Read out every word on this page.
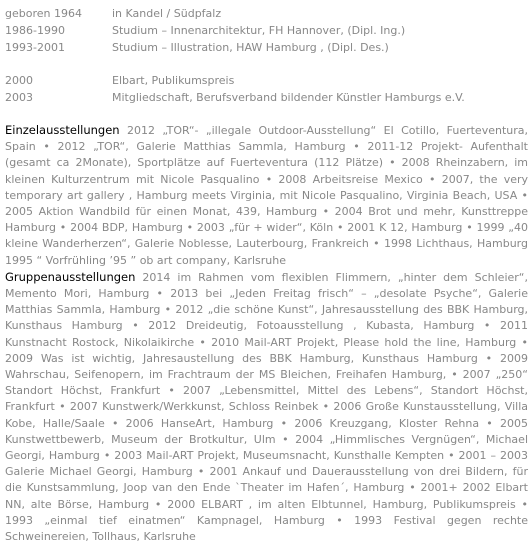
geboren 1964	in Kandel / Südpfalz
1986-1990	Studium – Innenarchitektur, FH Hannover, (Dipl. Ing.)
1993-2001	Studium – Illustration, HAW Hamburg , (Dipl. Des.)
2000	Elbart, Publikumspreis
2003	Mitgliedschaft, Berufsverband bildender Künstler Hamburgs e.V.

Einzelausstellungen 2012 „TOR“- „illegale Outdoor-Ausstellung“ El Cotillo, Fuerteventura, Spain • 2012 „TOR“, Galerie Matthias Sammla, Hamburg • 2011-12 Projekt- Aufenthalt (gesamt ca 2Monate), Sportplätze auf Fuerteventura (112 Plätze) • 2008 Rheinzabern, im kleinen Kulturzentrum mit Nicole Pasqualino • 2008 Arbeitsreise Mexico • 2007, the very temporary art gallery , Hamburg meets Virginia, mit Nicole Pasqualino, Virginia Beach, USA • 2005 Aktion Wandbild für einen Monat, 439, Hamburg • 2004 Brot und mehr, Kunsttreppe Hamburg • 2004 BDP, Hamburg • 2003 „für + wider“, Köln • 2001 K 12, Hamburg • 1999 „40 kleine Wanderherzen“, Galerie Noblesse, Lauterbourg, Frankreich • 1998 Lichthaus, Hamburg 1995 “ Vorfrühling ’95 ” ob art company, Karlsruhe

Gruppenausstellungen 2014 im Rahmen vom flexiblen Flimmern, „hinter dem Schleier“, Memento Mori, Hamburg • 2013 bei „Jeden Freitag frisch“ – „desolate Psyche“, Galerie Matthias Sammla, Hamburg • 2012 „die schöne Kunst“, Jahresausstellung des BBK Hamburg, Kunsthaus Hamburg • 2012 Dreideutig, Fotoausstellung , Kubasta, Hamburg • 2011 Kunstnacht Rostock, Nikolaikirche • 2010 Mail-ART Projekt, Please hold the line, Hamburg • 2009 Was ist wichtig, Jahresaustellung des BBK Hamburg, Kunsthaus Hamburg • 2009 Wahrschau, Seifenopern, im Frachtraum der MS Bleichen, Freihafen Hamburg, • 2007 „250“ Standort Höchst, Frankfurt • 2007 „Lebensmittel, Mittel des Lebens“, Standort Höchst, Frankfurt • 2007 Kunstwerk/Werkkunst, Schloss Reinbek • 2006 Große Kunstausstellung, Villa Kobe, Halle/Saale • 2006 HanseArt, Hamburg • 2006 Kreuzgang, Kloster Rehna • 2005 Kunstwettbewerb, Museum der Brotkultur, Ulm • 2004 „Himmlisches Vergnügen“, Michael Georgi, Hamburg • 2003 Mail-ART Projekt, Museumsnacht, Kunsthalle Kempten • 2001 – 2003 Galerie Michael Georgi, Hamburg • 2001 Ankauf und Dauerausstellung von drei Bildern, für die Kunstsammlung, Joop van den Ende `Theater im Hafen´, Hamburg • 2001+ 2002 Elbart NN, alte Börse, Hamburg • 2000 ELBART , im alten Elbtunnel, Hamburg, Publikumspreis • 1993 „einmal tief einatmen“ Kampnagel, Hamburg • 1993 Festival gegen rechte Schweinereien, Tollhaus, Karlsruhe
